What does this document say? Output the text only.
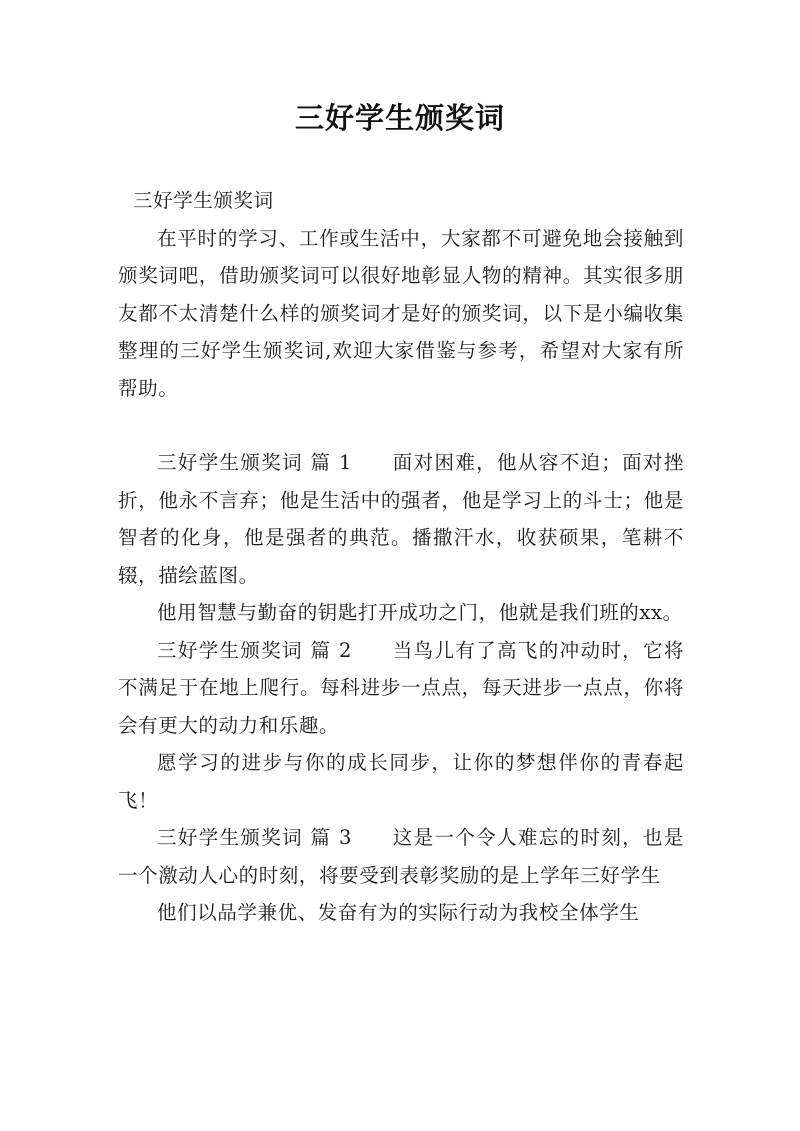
三好学生颁奖词

三好学生颁奖词

在平时的学习、工作或生活中，大家都不可避免地会接触到颁奖词吧，借助颁奖词可以很好地彰显人物的精神。其实很多朋友都不太清楚什么样的颁奖词才是好的颁奖词，以下是小编收集整理的三好学生颁奖词,欢迎大家借鉴与参考，希望对大家有所帮助。

三好学生颁奖词 篇 1 面对困难，他从容不迫；面对挫折，他永不言弃；他是生活中的强者，他是学习上的斗士；他是智者的化身，他是强者的典范。播撒汗水，收获硕果，笔耕不辍，描绘蓝图。

他用智慧与勤奋的钥匙打开成功之门，他就是我们班的xx。

三好学生颁奖词 篇 2 当鸟儿有了高飞的冲动时，它将不满足于在地上爬行。每科进步一点点，每天进步一点点，你将会有更大的动力和乐趣。

愿学习的进步与你的成长同步，让你的梦想伴你的青春起飞！

三好学生颁奖词 篇 3 这是一个令人难忘的时刻，也是一个激动人心的时刻，将要受到表彰奖励的是上学年三好学生

他们以品学兼优、发奋有为的实际行动为我校全体学生
